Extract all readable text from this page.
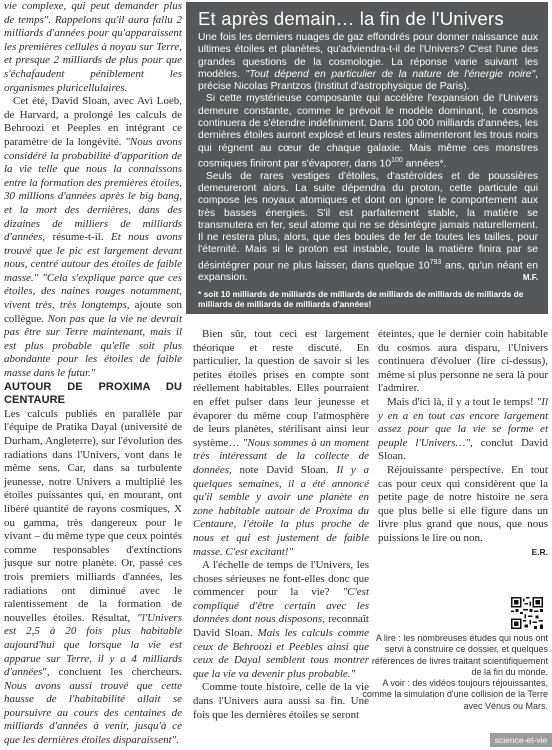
vie complexe, qui peut demander plus de temps". Rappelons qu'il aura fallu 2 milliards d'années pour qu'apparaissent les premières cellules à noyau sur Terre, et presque 2 milliards de plus pour que s'échafaudent péniblement les organismes pluricellulaires.

Cet été, David Sloan, avec Avi Loeb, de Harvard, a prolongé les calculs de Behroozi et Peeples en intégrant ce paramètre de la longévité. "Nous avons considéré la probabilité d'apparition de la vie telle que nous la connaissons entre la formation des premières étoiles, 30 millions d'années après le big bang, et la mort des dernières, dans des dizaines de milliers de milliards d'années, résume-t-il. Et nous avons trouvé que le pic est largement devant nous, centré autour des étoiles de faible masse." "Cela s'explique parce que ces étoiles, des naines rouges notamment, vivent très, très longtemps, ajoute son collègue. Non pas que la vie ne devrait pas être sur Terre maintenant, mais il est plus probable qu'elle soit plus abondante pour les étoiles de faible masse dans le futur."

AUTOUR DE PROXIMA DU CENTAURE

Les calculs publiés en parallèle par l'équipe de Pratika Dayal (université de Durham, Angleterre), sur l'évolution des radiations dans l'Univers, vont dans le même sens. Car, dans sa turbulente jeunesse, notre Univers a multiplié les étoiles puissantes qui, en mourant, ont libéré quantité de rayons cosmiques, X ou gamma, très dangereux pour le vivant – du même type que ceux pointés comme responsables d'extinctions jusque sur notre planète. Or, passé ces trois premiers milliards d'années, les radiations ont diminué avec le ralentissement de la formation de nouvelles étoiles. Résultat, "l'Univers est 2,5 à 20 fois plus habitable aujourd'hui que lorsque la vie est apparue sur Terre, il y a 4 milliards d'années", concluent les chercheurs. Nous avons aussi trouvé que cette hausse de l'habitabilité allait se poursuivre au cours des centaines de milliards d'années à venir, jusqu'à ce que les dernières étoiles disparaissent".

Et après demain… la fin de l'Univers

Une fois les derniers nuages de gaz effondrés pour donner naissance aux ultimes étoiles et planètes, qu'adviendra-t-il de l'Univers? C'est l'une des grandes questions de la cosmologie. La réponse varie suivant les modèles. "Tout dépend en particulier de la nature de l'énergie noire", précise Nicolas Prantzos (Institut d'astrophysique de Paris).

Si cette mystérieuse composante qui accélère l'expansion de l'Univers demeure constante, comme le prévoit le modèle dominant, le cosmos continuera de s'étendre indéfiniment. Dans 100 000 milliards d'années, les dernières étoiles auront explosé et leurs restes alimenteront les trous noirs qui régnent au cœur de chaque galaxie. Mais même ces monstres cosmiques finiront par s'évaporer, dans $10^{100}$ années*.

Seuls de rares vestiges d'étoiles, d'astéroïdes et de poussières demeureront alors. La suite dépendra du proton, cette particule qui compose les noyaux atomiques et dont on ignore le comportement aux très basses énergies. S'il est parfaitement stable, la matière se transmutera en fer, seul atome qui ne se désintègre jamais naturellement. Il ne restera plus, alors, que des boules de fer de toutes les tailles, pour l'éternité. Mais si le proton est instable, toute la matière finira par se désintégrer pour ne plus laisser, dans quelque $10^{793}$ ans, qu'un néant en expansion.	M.F.

* soit 10 milliards de milliards de milliards de milliards de milliards de milliards de milliards de milliards de milliards d'années!

Bien sûr, tout ceci est largement théorique et reste discuté. En particulier, la question de savoir si les petites étoiles prises en compte sont réellement habitables. Elles pourraient en effet pulser dans leur jeunesse et évaporer du même coup l'atmosphère de leurs planètes, stérilisant ainsi leur système… "Nous sommes à un moment très intéressant de la collecte de données, note David Sloan. Il y a quelques semaines, il a été annoncé qu'il semble y avoir une planète en zone habitable autour de Proxima du Centaure, l'étoile la plus proche de nous et qui est justement de faible masse. C'est excitant!"

A l'échelle de temps de l'Univers, les choses sérieuses ne font-elles donc que commencer pour la vie? "C'est compliqué d'être certain avec les données dont nous disposons, reconnaît David Sloan. Mais les calculs comme ceux de Behroozi et Peebles ainsi que ceux de Dayal semblent tous montrer que la vie va devenir plus probable."

Comme toute histoire, celle de la vie dans l'Univers aura aussi sa fin. Une fois que les dernières étoiles se seront

éteintes, que le dernier coin habitable du cosmos aura disparu, l'Univers continuera d'évoluer (lire ci-dessus), même si plus personne ne sera là pour l'admirer.

Mais d'ici là, il y a tout le temps! "Il y en a en tout cas encore largement assez pour que la vie se forme et peuple l'Univers…", conclut David Sloan.

Réjouissante perspective. En tout cas pour ceux qui considèrent que la petite page de notre histoire ne sera que plus belle si elle figure dans un livre plus grand que nous, que nous puissions le lire ou non.

E.R.

A lire : les nombreuses études qui nous ont servi à construire ce dossier, et quelques références de livres traitant scientifiquement de la fin du monde.

A voir : des vidéos toujours réjouissantes, comme la simulation d'une collision de la Terre avec Vénus ou Mars.

science-et-vie
